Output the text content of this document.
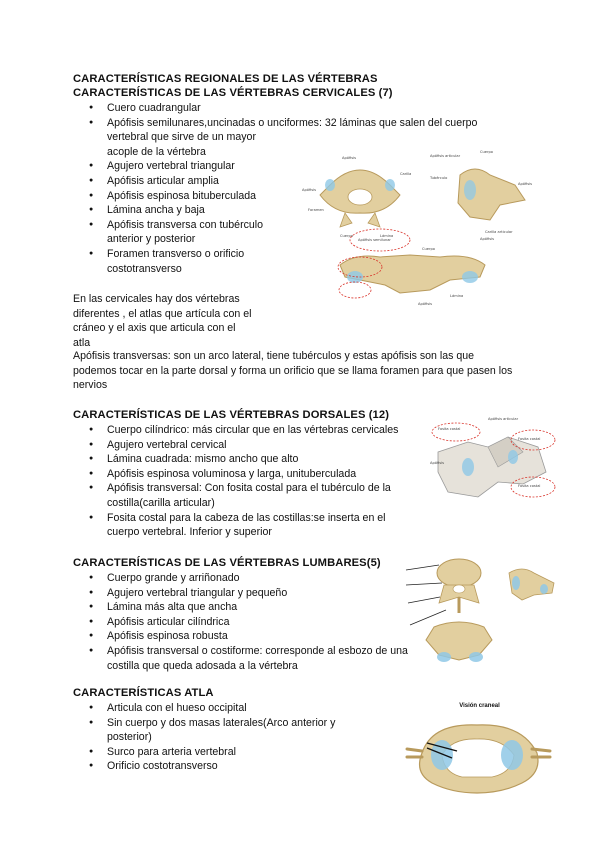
CARACTERÍSTICAS REGIONALES DE LAS VÉRTEBRAS
CARACTERÍSTICAS DE LAS VÉRTEBRAS CERVICALES (7)
● Cuero cuadrangular
● Apófisis semilunares,uncinadas o unciformes: 32 láminas que salen del cuerpo vertebral que sirve de un mayor
acople de la vértebra
● Agujero vertebral triangular
● Apófisis articular amplia
● Apófisis espinosa bituberculada
● Lámina ancha y baja
● Apófisis transversa con tubérculo anterior y posterior
● Foramen transverso o orificio costotransverso
En las cervicales hay dos vértebras diferentes , el atlas que artícula con el cráneo y el axis que articula con el atla
Apófisis transversas: son un arco lateral, tiene tubérculos y estas apófisis son las que podemos tocar en la parte dorsal y forma un orificio que se llama foramen para que pasen los nervios
Apófisis
Apófisis
Carilla
Foramen
Cuerpo	Lámina
Apófisis articular
Cuerpo
Tubérculo
Apófisis
Carilla articular
Apófisis semilunar
Cuerpo
Apófisis
Lámina
Apófisis
CARACTERÍSTICAS DE LAS VÉRTEBRAS DORSALES (12)
● Cuerpo cilíndrico: más circular que en las vértebras cervicales
● Agujero vertebral cervical
● Lámina cuadrada: mismo ancho que alto
● Apófisis espinosa voluminosa y larga, unituberculada
● Apófisis transversal: Con fosita costal para el tubérculo de la costilla(carilla articular)
● Fosita costal para la cabeza de las costillas:se inserta en el cuerpo vertebral. Inferior y superior
Apófisis articular
Fosita costal
Fosita costal
Apófisis
Fosita costal
CARACTERÍSTICAS DE LAS VÉRTEBRAS LUMBARES(5)
● Cuerpo grande y arriñonado
● Agujero vertebral triangular y pequeño
● Lámina más alta que ancha
● Apófisis articular cilíndrica
● Apófisis espinosa robusta
● Apófisis transversal o costiforme: corresponde al esbozo de una costilla que queda adosada a la vértebra
CARACTERÍSTICAS ATLA
● Articula con el hueso occipital
● Sin cuerpo y dos masas laterales(Arco anterior y posterior)
● Surco para arteria vertebral
● Orificio costotransverso
Visión craneal
